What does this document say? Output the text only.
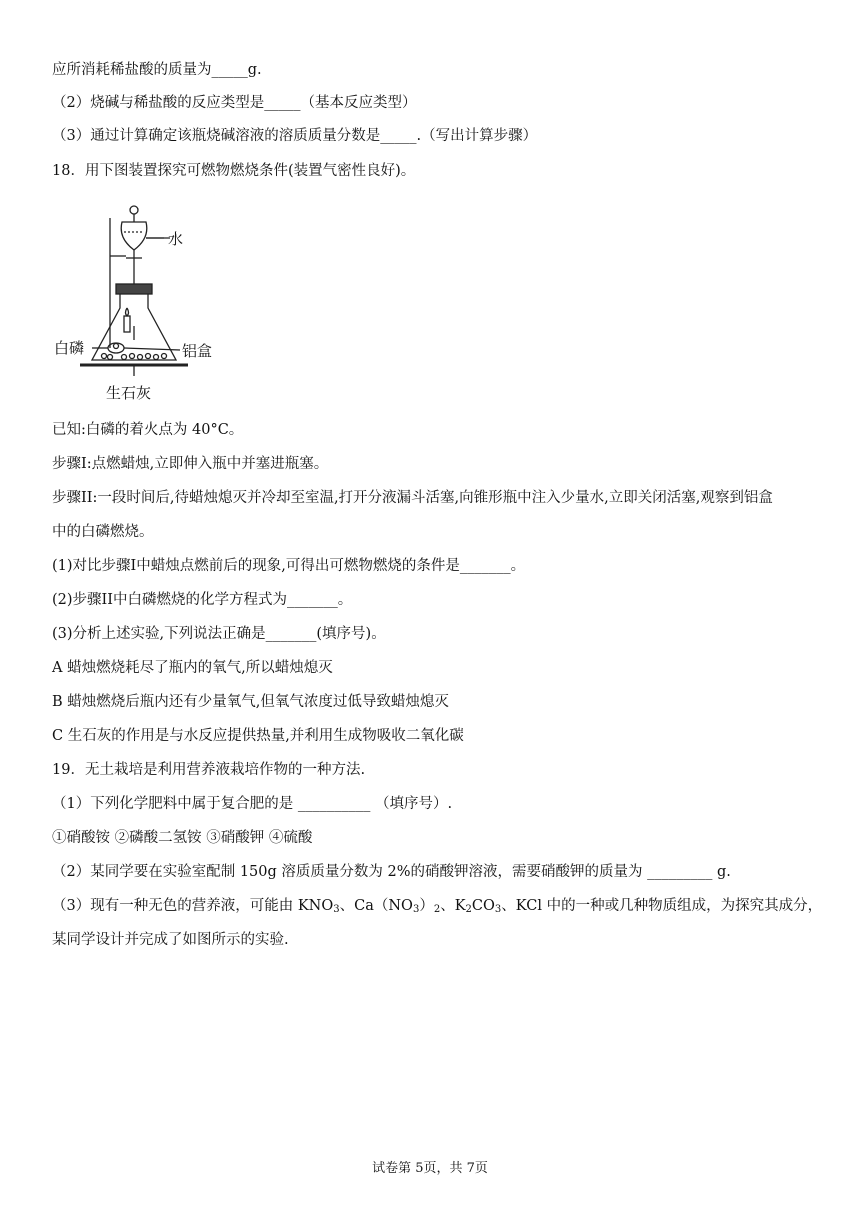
应所消耗稀盐酸的质量为_____g.
（2）烧碱与稀盐酸的反应类型是_____（基本反应类型）
（3）通过计算确定该瓶烧碱溶液的溶质质量分数是_____.（写出计算步骤）
18．用下图装置探究可燃物燃烧条件(装置气密性良好)。
水
白磷	铝盒
生石灰
已知:白磷的着火点为 40°C。
步骤I:点燃蜡烛,立即伸入瓶中并塞进瓶塞。
步骤II:一段时间后,待蜡烛熄灭并冷却至室温,打开分液漏斗活塞,向锥形瓶中注入少量水,立即关闭活塞,观察到铝盒
中的白磷燃烧。
(1)对比步骤I中蜡烛点燃前后的现象,可得出可燃物燃烧的条件是_______。
(2)步骤II中白磷燃烧的化学方程式为_______。
(3)分析上述实验,下列说法正确是_______(填序号)。
A 蜡烛燃烧耗尽了瓶内的氧气,所以蜡烛熄灭
B 蜡烛燃烧后瓶内还有少量氧气,但氧气浓度过低导致蜡烛熄灭
C 生石灰的作用是与水反应提供热量,并利用生成物吸收二氧化碳
19．无土栽培是利用营养液栽培作物的一种方法.
（1）下列化学肥料中属于复合肥的是 __________ （填序号）.
①硝酸铵 ②磷酸二氢铵 ③硝酸钾 ④硫酸
（2）某同学要在实验室配制 150g 溶质质量分数为 2%的硝酸钾溶液，需要硝酸钾的质量为 _________ g.
（3）现有一种无色的营养液，可能由 $KNO_3$、$Ca(NO_3)_2$、$K_2CO_3$、KCl 中的一种或几种物质组成，为探究其成分，
某同学设计并完成了如图所示的实验.
试卷第 5页，共 7页
